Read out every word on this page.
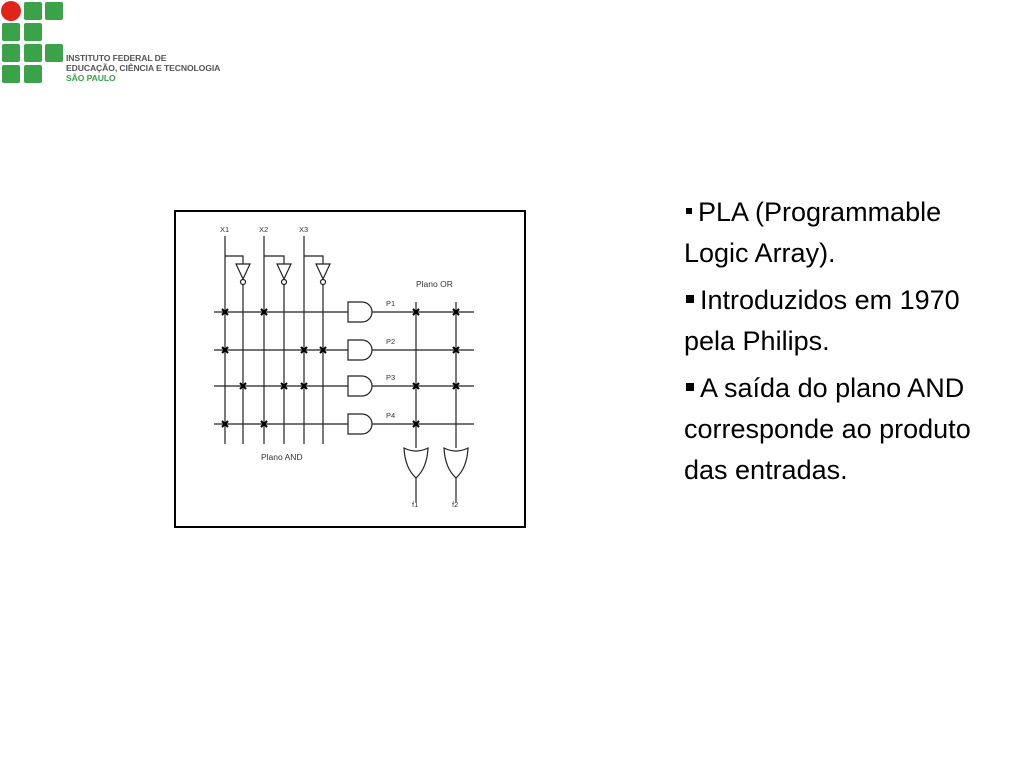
INSTITUTO FEDERAL DE
EDUCAÇÃO, CIÊNCIA E TECNOLOGIA
SÃO PAULO
X1	X2	X3
P1
P2
P3
P4
f1	f2
Plano OR
Plano AND
PLA (Programmable Logic Array).
Introduzidos em 1970 pela Philips.
A saída do plano AND corresponde ao produto das entradas.
